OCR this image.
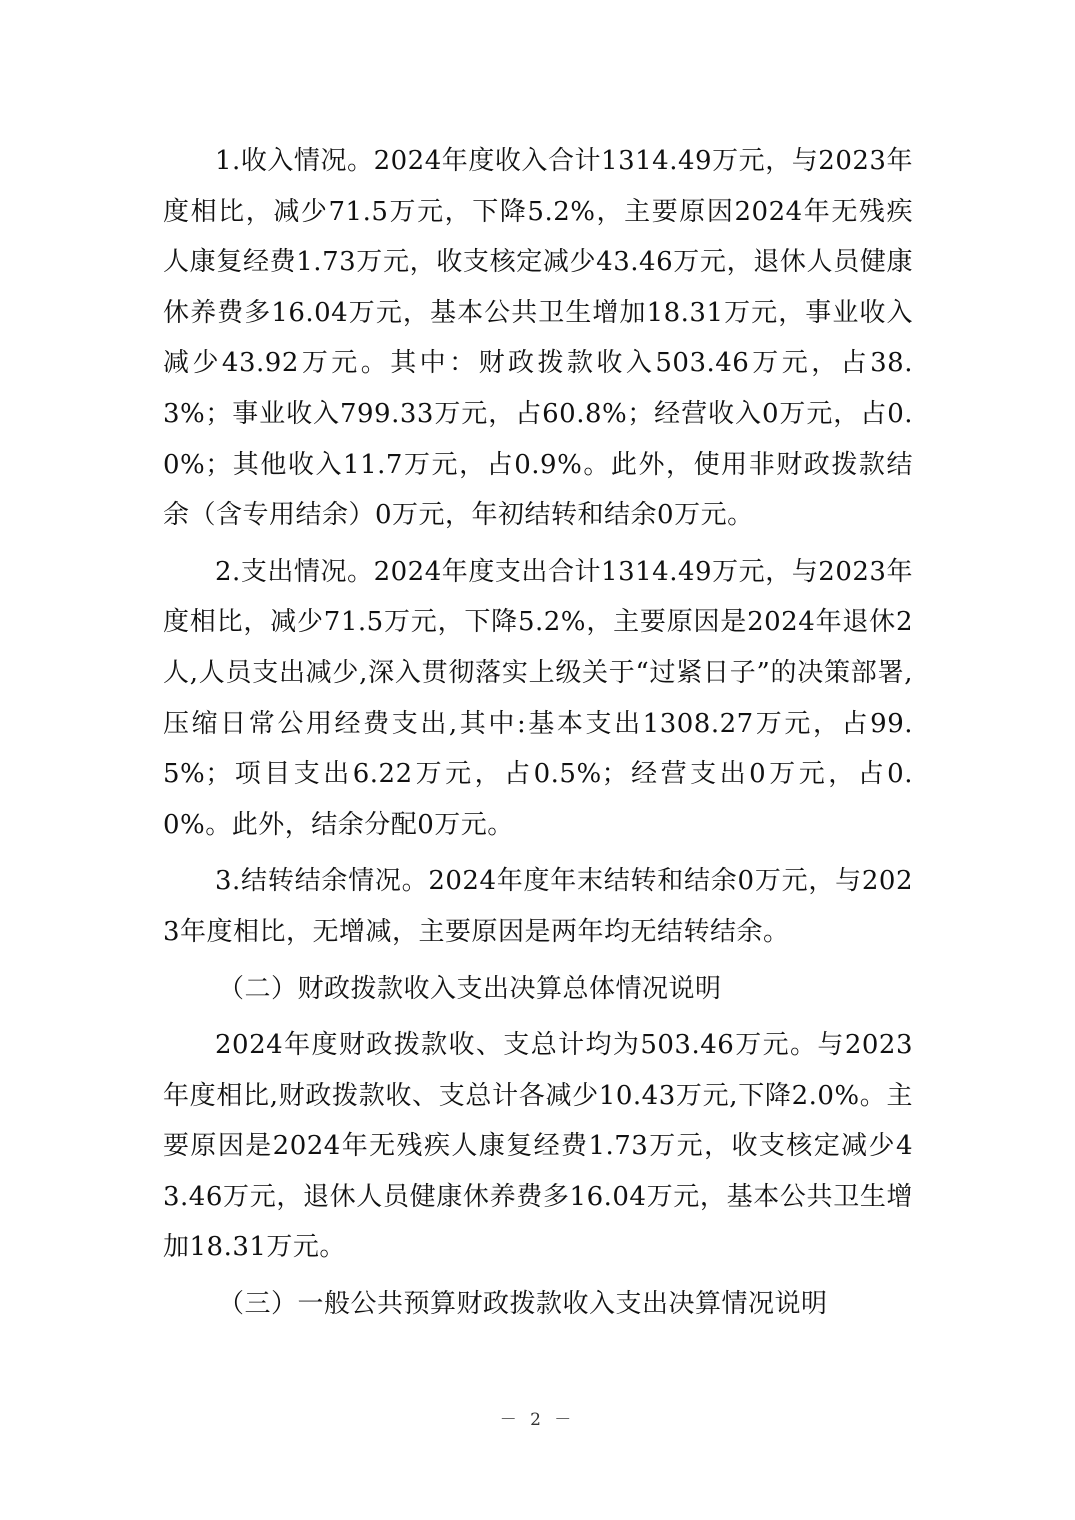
1.收入情况。2024年度收入合计1314.49万元，与2023年度相比，减少71.5万元，下降5.2%，主要原因2024年无残疾人康复经费1.73万元，收支核定减少43.46万元，退休人员健康休养费多16.04万元，基本公共卫生增加18.31万元，事业收入减少43.92万元。其中：财政拨款收入503.46万元，占38.3%；事业收入799.33万元，占60.8%；经营收入0万元，占0.0%；其他收入11.7万元，占0.9%。此外，使用非财政拨款结余（含专用结余）0万元，年初结转和结余0万元。

2.支出情况。2024年度支出合计1314.49万元，与2023年度相比，减少71.5万元，下降5.2%，主要原因是2024年退休2人,人员支出减少,深入贯彻落实上级关于“过紧日子”的决策部署,压缩日常公用经费支出,其中:基本支出1308.27万元，占99.5%；项目支出6.22万元，占0.5%；经营支出0万元，占0.0%。此外，结余分配0万元。

3.结转结余情况。2024年度年末结转和结余0万元，与2023年度相比，无增减，主要原因是两年均无结转结余。

（二）财政拨款收入支出决算总体情况说明

2024年度财政拨款收、支总计均为503.46万元。与2023年度相比,财政拨款收、支总计各减少10.43万元,下降2.0%。主要原因是2024年无残疾人康复经费1.73万元，收支核定减少43.46万元，退休人员健康休养费多16.04万元，基本公共卫生增加18.31万元。

（三）一般公共预算财政拨款收入支出决算情况说明

－ 2 －
